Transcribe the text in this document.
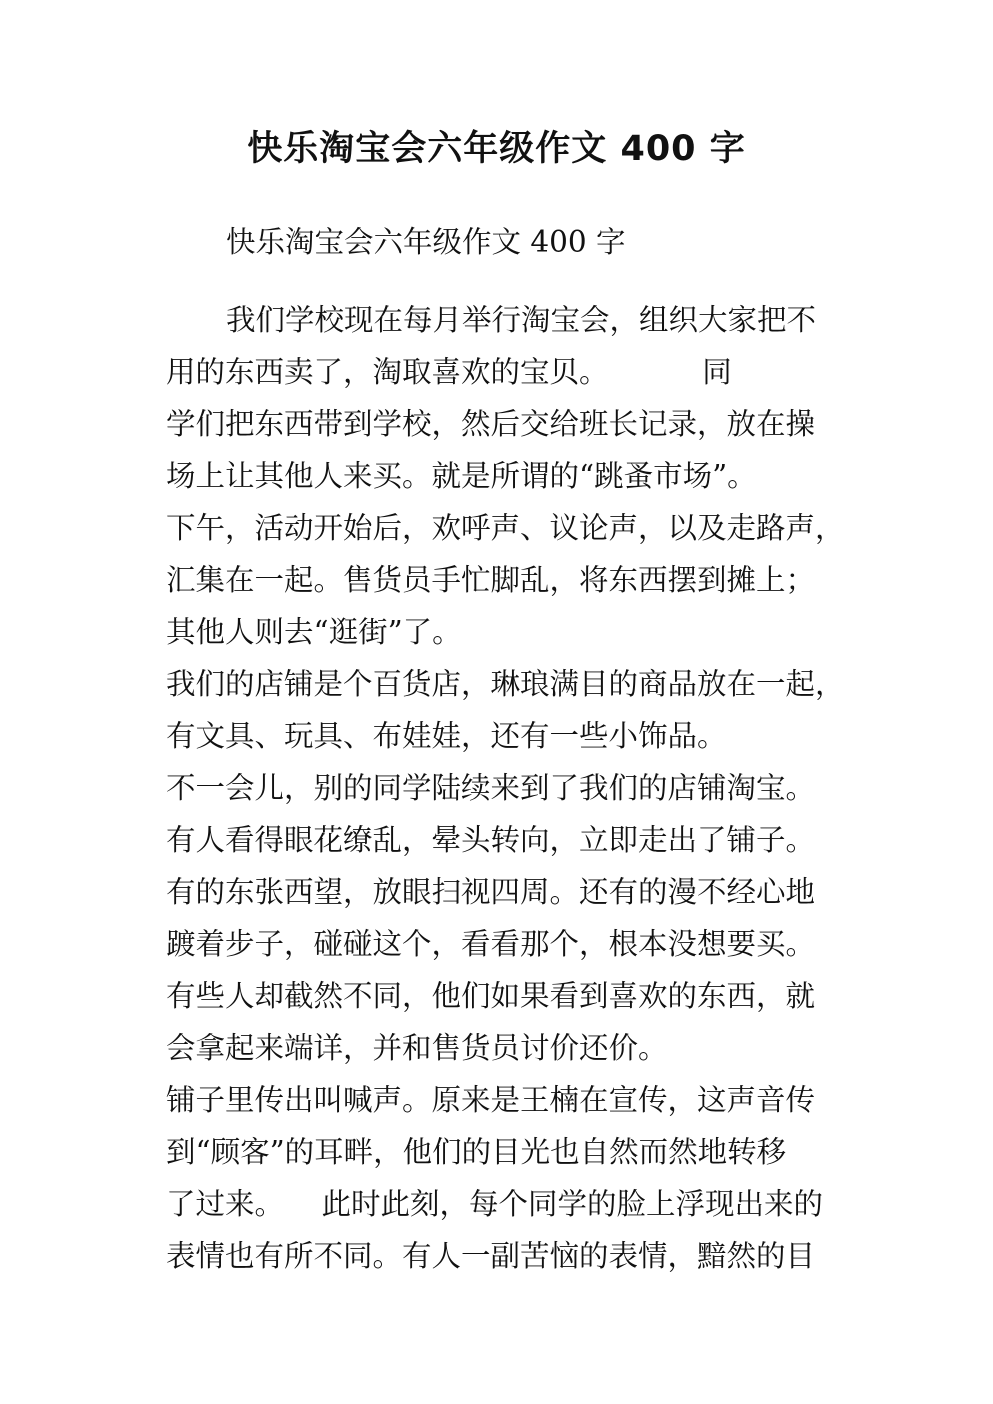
快乐淘宝会六年级作文 400 字

快乐淘宝会六年级作文 400 字

我们学校现在每月举行淘宝会，组织大家把不

用的东西卖了，淘取喜欢的宝贝。          同

学们把东西带到学校，然后交给班长记录，放在操

场上让其他人来买。就是所谓的“跳蚤市场”。

下午，活动开始后，欢呼声、议论声，以及走路声，

汇集在一起。售货员手忙脚乱，将东西摆到摊上；

其他人则去“逛街”了。

我们的店铺是个百货店，琳琅满目的商品放在一起，

有文具、玩具、布娃娃，还有一些小饰品。

不一会儿，别的同学陆续来到了我们的店铺淘宝。

有人看得眼花缭乱，晕头转向，立即走出了铺子。

有的东张西望，放眼扫视四周。还有的漫不经心地

踱着步子，碰碰这个，看看那个，根本没想要买。

有些人却截然不同，他们如果看到喜欢的东西，就

会拿起来端详，并和售货员讨价还价。

铺子里传出叫喊声。原来是王楠在宣传，这声音传

到“顾客”的耳畔，他们的目光也自然而然地转移

了过来。    此时此刻，每个同学的脸上浮现出来的

表情也有所不同。有人一副苦恼的表情，黯然的目
